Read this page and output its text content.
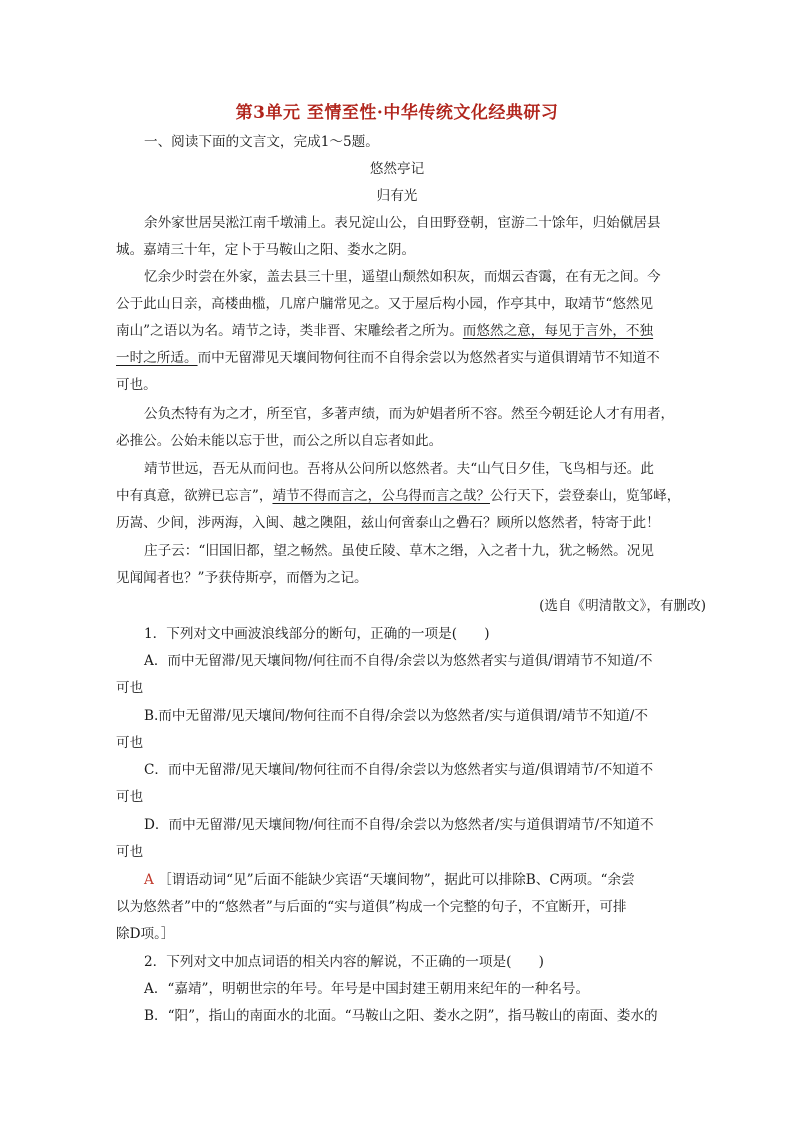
第3单元 至情至性·中华传统文化经典研习
一、阅读下面的文言文，完成1～5题。
悠然亭记
归有光
余外家世居吴淞江南千墩浦上。表兄淀山公，自田野登朝，宦游二十馀年，归始僦居县
城。嘉靖三十年，定卜于马鞍山之阳、娄水之阴。
忆余少时尝在外家，盖去县三十里，遥望山颓然如积灰，而烟云杳霭，在有无之间。今
公于此山日亲，高楼曲槛，几席户牖常见之。又于屋后构小园，作亭其中，取靖节“悠然见
南山”之语以为名。靖节之诗，类非晋、宋雕绘者之所为。而悠然之意，每见于言外，不独
一时之所适。而中无留滞见天壤间物何往而不自得余尝以为悠然者实与道俱谓靖节不知道不
可也。
公负杰特有为之才，所至官，多著声绩，而为妒娼者所不容。然至今朝廷论人才有用者，
必推公。公始未能以忘于世，而公之所以自忘者如此。
靖节世远，吾无从而问也。吾将从公问所以悠然者。夫“山气日夕佳，飞鸟相与还。此
中有真意，欲辨已忘言”，靖节不得而言之，公乌得而言之哉？公行天下，尝登泰山，览邹峄，
历嵩、少间，涉两海，入闽、越之隩阻，兹山何啻泰山之礨石？顾所以悠然者，特寄于此！
庄子云：“旧国旧都，望之畅然。虽使丘陵、草木之缗，入之者十九，犹之畅然。况见
见闻闻者也？”予获侍斯亭，而僭为之记。
(选自《明清散文》，有删改)
1．下列对文中画波浪线部分的断句，正确的一项是(　　)
A．而中无留滞/见天壤间物/何往而不自得/余尝以为悠然者实与道俱/谓靖节不知道/不
可也
B.而中无留滞/见天壤间/物何往而不自得/余尝以为悠然者/实与道俱谓/靖节不知道/不
可也
C．而中无留滞/见天壤间/物何往而不自得/余尝以为悠然者实与道/俱谓靖节/不知道不
可也
D．而中无留滞/见天壤间物/何往而不自得/余尝以为悠然者/实与道俱谓靖节/不知道不
可也
A ［谓语动词“见”后面不能缺少宾语“天壤间物”，据此可以排除B、C两项。“余尝
以为悠然者”中的“悠然者”与后面的“实与道俱”构成一个完整的句子，不宜断开，可排
除D项。］
2．下列对文中加点词语的相关内容的解说，不正确的一项是(　　)
A．“嘉靖”，明朝世宗的年号。年号是中国封建王朝用来纪年的一种名号。
B．“阳”，指山的南面水的北面。“马鞍山之阳、娄水之阴”，指马鞍山的南面、娄水的
